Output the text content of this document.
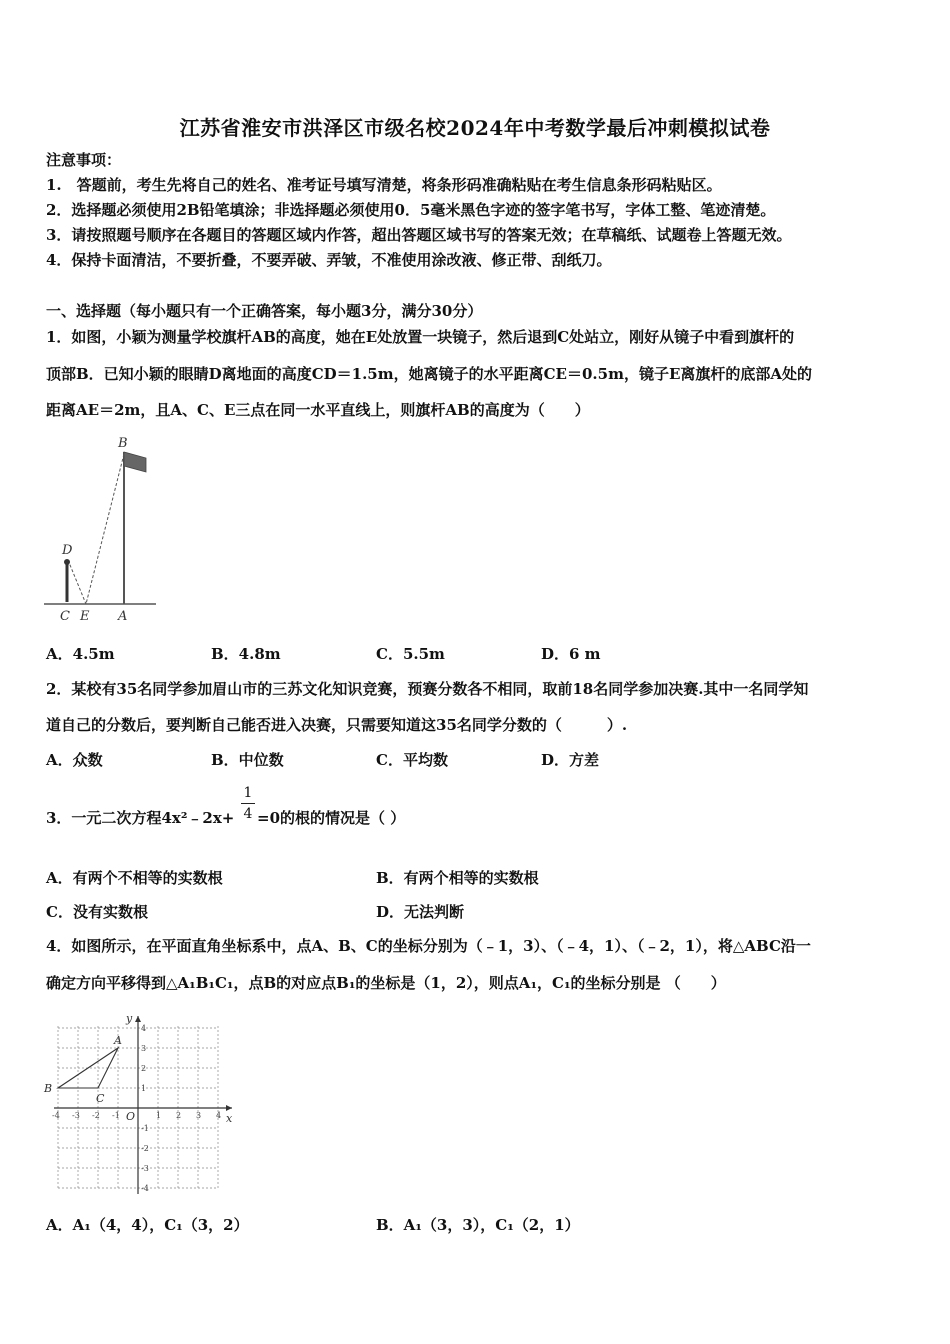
江苏省淮安市洪泽区市级名校2024年中考数学最后冲刺模拟试卷
注意事项：
1.　答题前，考生先将自己的姓名、准考证号填写清楚，将条形码准确粘贴在考生信息条形码粘贴区。
2．选择题必须使用2B铅笔填涂；非选择题必须使用0．5毫米黑色字迹的签字笔书写，字体工整、笔迹清楚。
3．请按照题号顺序在各题目的答题区域内作答，超出答题区域书写的答案无效；在草稿纸、试题卷上答题无效。
4．保持卡面清洁，不要折叠，不要弄破、弄皱，不准使用涂改液、修正带、刮纸刀。
一、选择题（每小题只有一个正确答案，每小题3分，满分30分）
1．如图，小颖为测量学校旗杆AB的高度，她在E处放置一块镜子，然后退到C处站立，刚好从镜子中看到旗杆的
顶部B．已知小颖的眼睛D离地面的高度CD＝1.5m，她离镜子的水平距离CE＝0.5m，镜子E离旗杆的底部A处的
距离AE＝2m，且A、C、E三点在同一水平直线上，则旗杆AB的高度为（　　）
B
D
C E A
A．4.5m	B．4.8m	C．5.5m	D．6 m
2．某校有35名同学参加眉山市的三苏文化知识竞赛，预赛分数各不相同，取前18名同学参加决赛.其中一名同学知
道自己的分数后，要判断自己能否进入决赛，只需要知道这35名同学分数的（　　　）.
A．众数	B．中位数	C．平均数	D．方差
3．一元二次方程4x²﹣2x+
1
4 =0的根的情况是（ ）
A．有两个不相等的实数根	B．有两个相等的实数根
C．没有实数根	D．无法判断
4．如图所示，在平面直角坐标系中，点A、B、C的坐标分别为（﹣1，3）、（﹣4，1）、（﹣2，1），将△ABC沿一
确定方向平移得到△A₁B₁C₁，点B的对应点B₁的坐标是（1，2），则点A₁，C₁的坐标分别是 （　　）
y
x
O
A
B
C
-4 -3 -2 -1	1 2 3 4
4
3
2
1
-1
-2
-3
-4
A．A₁（4，4），C₁（3，2）	B．A₁（3，3），C₁（2，1）
